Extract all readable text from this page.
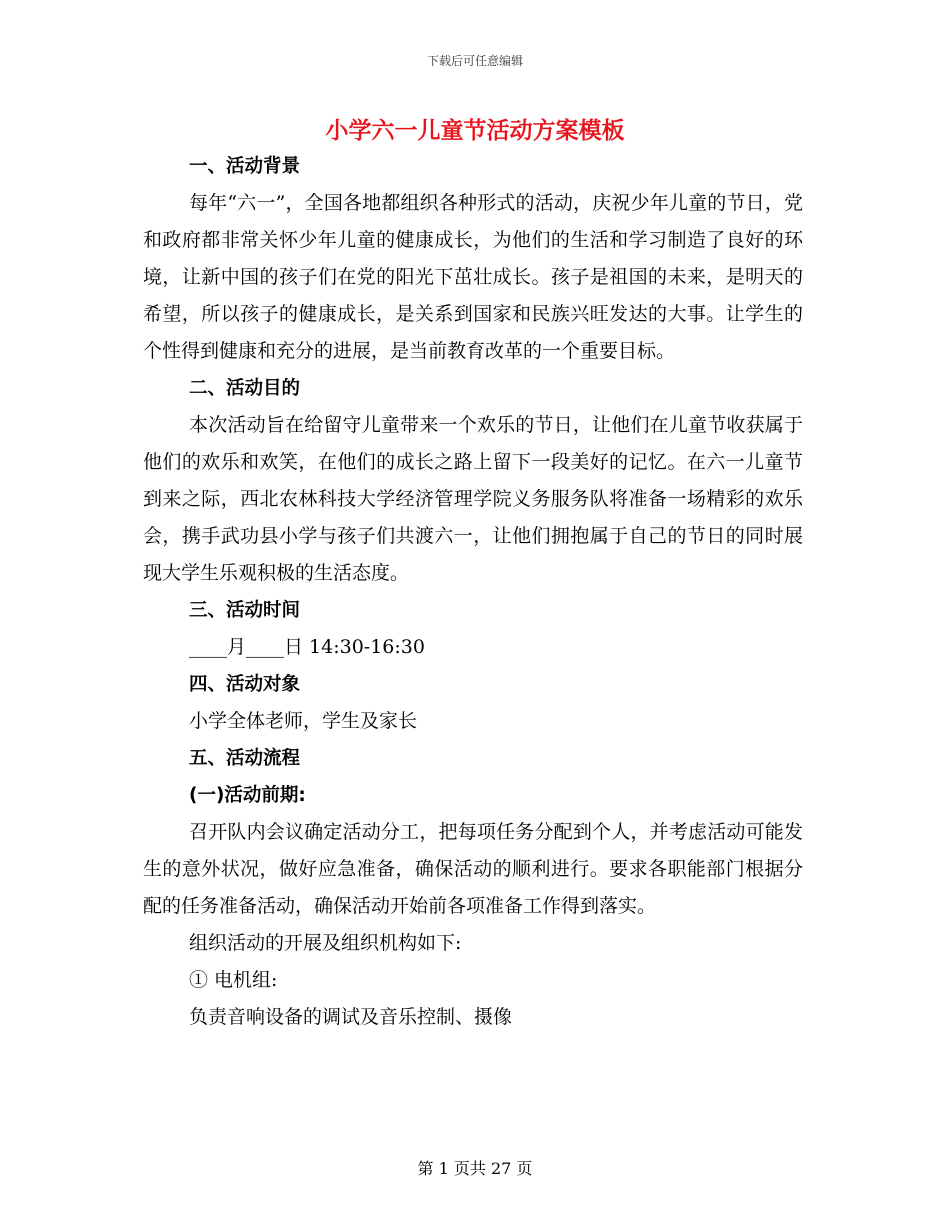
下载后可任意编辑
小学六一儿童节活动方案模板

一、活动背景

每年“六一”，全国各地都组织各种形式的活动，庆祝少年儿童的节日，党和政府都非常关怀少年儿童的健康成长，为他们的生活和学习制造了良好的环境，让新中国的孩子们在党的阳光下茁壮成长。孩子是祖国的未来，是明天的希望，所以孩子的健康成长，是关系到国家和民族兴旺发达的大事。让学生的个性得到健康和充分的进展，是当前教育改革的一个重要目标。

二、活动目的

本次活动旨在给留守儿童带来一个欢乐的节日，让他们在儿童节收获属于他们的欢乐和欢笑，在他们的成长之路上留下一段美好的记忆。在六一儿童节到来之际，西北农林科技大学经济管理学院义务服务队将准备一场精彩的欢乐会，携手武功县小学与孩子们共渡六一，让他们拥抱属于自己的节日的同时展现大学生乐观积极的生活态度。

三、活动时间

____月____日 14:30-16:30

四、活动对象

小学全体老师，学生及家长

五、活动流程

(一)活动前期:

召开队内会议确定活动分工，把每项任务分配到个人，并考虑活动可能发生的意外状况，做好应急准备，确保活动的顺利进行。要求各职能部门根据分配的任务准备活动，确保活动开始前各项准备工作得到落实。

组织活动的开展及组织机构如下:

① 电机组:

负责音响设备的调试及音乐控制、摄像

第 1 页共 27 页
